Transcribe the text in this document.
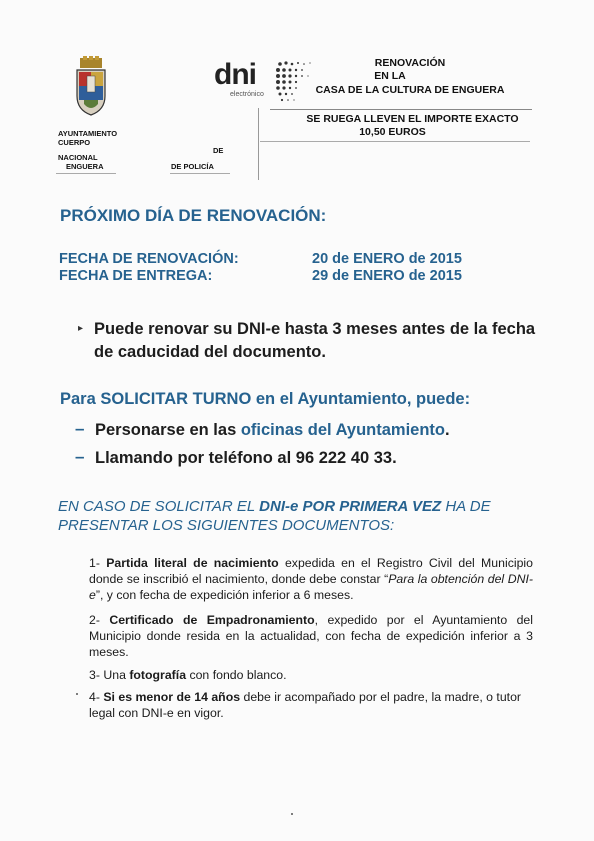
dni
electrónico
RENOVACIÓN
EN LA
CASA DE LA CULTURA DE ENGUERA
SE RUEGA LLEVEN EL IMPORTE EXACTO
10,50 EUROS
AYUNTAMIENTO
CUERPO
NACIONAL
ENGUERA
DE
DE POLICÍA
PRÓXIMO DÍA DE RENOVACIÓN:
FECHA DE RENOVACIÓN:	20 de ENERO de 2015
FECHA DE ENTREGA:	29 de ENERO de 2015
▸ Puede renovar su DNI-e hasta 3 meses antes de la fecha de caducidad del documento.
Para SOLICITAR TURNO en el Ayuntamiento, puede:
– Personarse en las oficinas del Ayuntamiento.
– Llamando por teléfono al 96 222 40 33.
EN CASO DE SOLICITAR EL DNI-e POR PRIMERA VEZ HA DE PRESENTAR LOS SIGUIENTES DOCUMENTOS:
1- Partida literal de nacimiento expedida en el Registro Civil del Municipio donde se inscribió el nacimiento, donde debe constar “Para la obtención del DNI-e”, y con fecha de expedición inferior a 6 meses.
2- Certificado de Empadronamiento, expedido por el Ayuntamiento del Municipio donde resida en la actualidad, con fecha de expedición inferior a 3 meses.
3- Una fotografía con fondo blanco.
4- Si es menor de 14 años debe ir acompañado por el padre, la madre, o tutor legal con DNI-e en vigor.
